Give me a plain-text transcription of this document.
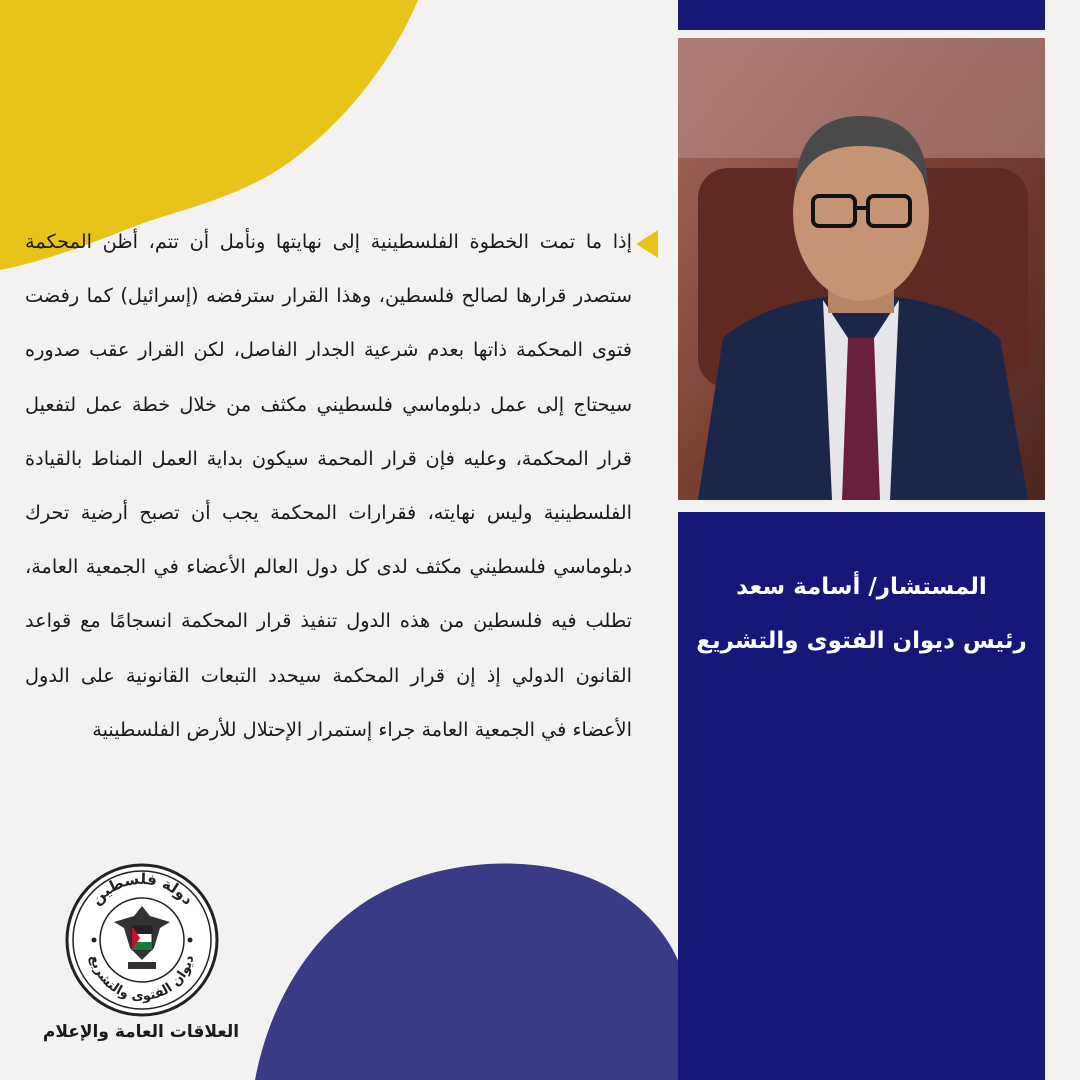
المستشار/ أسامة سعد
رئيس ديوان الفتوى والتشريع

إذا ما تمت الخطوة الفلسطينية إلى نهايتها ونأمل أن تتم، أظن المحكمة ستصدر قرارها لصالح فلسطين، وهذا القرار سترفضه (إسرائيل) كما رفضت فتوى المحكمة ذاتها بعدم شرعية الجدار الفاصل، لكن القرار عقب صدوره سيحتاج إلى عمل دبلوماسي فلسطيني مكثف من خلال خطة عمل لتفعيل قرار المحكمة، وعليه فإن قرار المحمة سيكون بداية العمل المناط بالقيادة الفلسطينية وليس نهايته، فقرارات المحكمة يجب أن تصبح أرضية تحرك دبلوماسي فلسطيني مكثف لدى كل دول العالم الأعضاء في الجمعية العامة، تطلب فيه فلسطين من هذه الدول تنفيذ قرار المحكمة انسجامًا مع قواعد القانون الدولي إذ إن قرار المحكمة سيحدد التبعات القانونية على الدول الأعضاء في الجمعية العامة جراء إستمرار الإحتلال للأرض الفلسطينية

دولة فلسطين
ديوان الفتوى والتشريع
العلاقات العامة والإعلام
